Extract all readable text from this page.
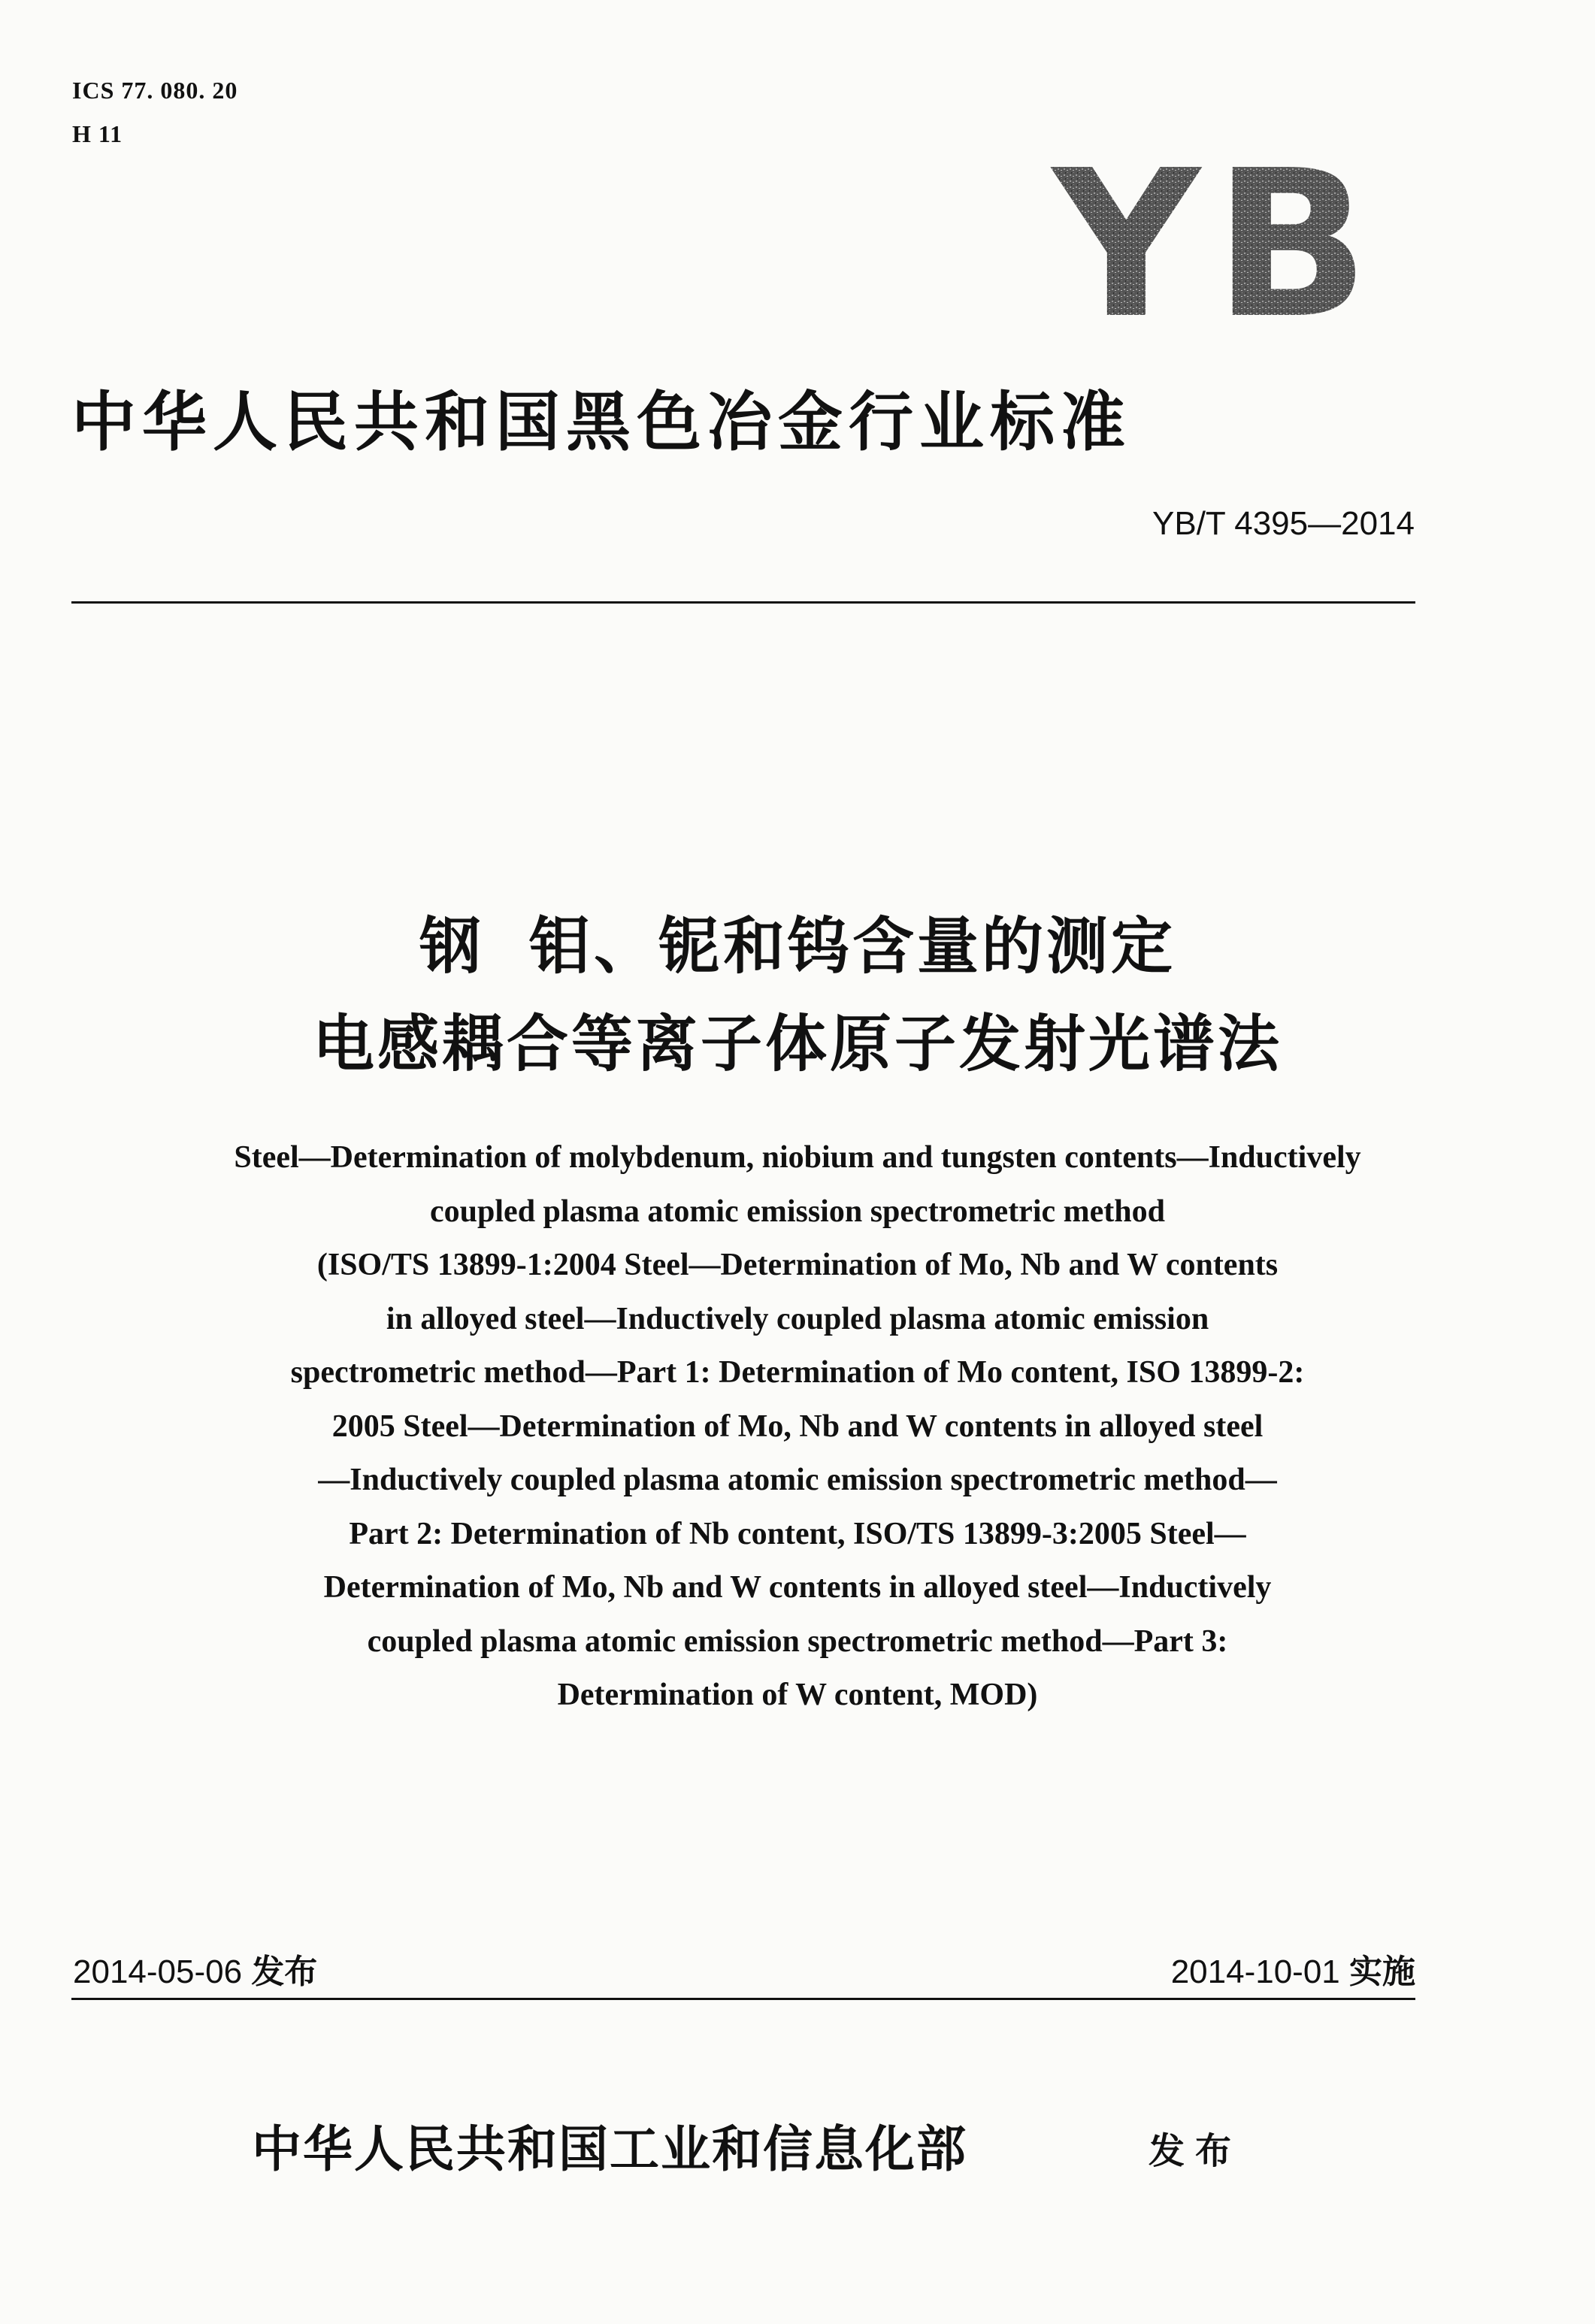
ICS 77. 080. 20
H 11	YB
中华人民共和国黑色冶金行业标准
YB/T 4395—2014
钢 钼、铌和钨含量的测定
电感耦合等离子体原子发射光谱法
Steel—Determination of molybdenum, niobium and tungsten contents—Inductively
coupled plasma atomic emission spectrometric method
(ISO/TS 13899-1:2004 Steel—Determination of Mo, Nb and W contents
in alloyed steel—Inductively coupled plasma atomic emission
spectrometric method—Part 1: Determination of Mo content, ISO 13899-2:
2005 Steel—Determination of Mo, Nb and W contents in alloyed steel
—Inductively coupled plasma atomic emission spectrometric method—
Part 2: Determination of Nb content, ISO/TS 13899-3:2005 Steel—
Determination of Mo, Nb and W contents in alloyed steel—Inductively
coupled plasma atomic emission spectrometric method—Part 3:
Determination of W content, MOD)
2014-05-06 发布	2014-10-01 实施
中华人民共和国工业和信息化部	发布
